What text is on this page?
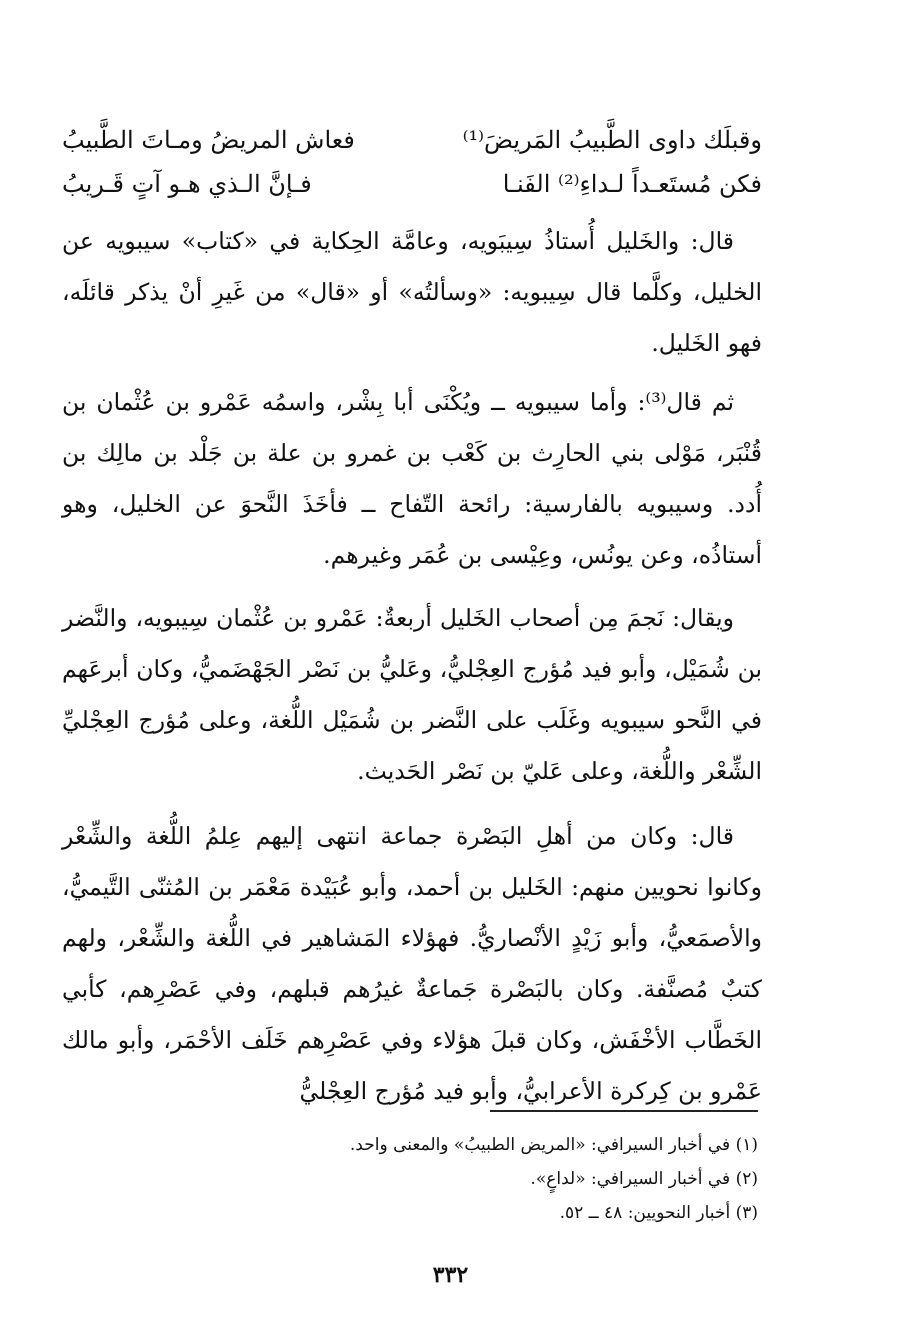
وقبلَك داوى الطَّبيبُ المَريضَ⁽¹⁾
فعاش المريضُ ومـاتَ الطَّبيبُ
فكن مُستَعـداً لـداءِ⁽²⁾ الفَنـا
فـإنَّ الـذي هـو آتٍ قَـريبُ

قال: والخَليل أُستاذُ سِيبَويه، وعامَّة الحِكاية في «كتاب» سيبويه عن الخليل، وكلَّما قال سِيبويه: «وسألتُه» أو «قال» من غَيرِ أنْ يذكر قائلَه، فهو الخَليل.

ثم قال⁽³⁾: وأما سيبويه ــ ويُكْنَى أبا بِشْر، واسمُه عَمْرو بن عُثْمان بن قُنْبَر، مَوْلى بني الحارِث بن كَعْب بن غمرو بن علة بن جَلْد بن مالِك بن أُدد. وسيبويه بالفارسية: رائحة التّفاح ــ فأخَذَ النَّحوَ عن الخليل، وهو أستاذُه، وعن يونُس، وعِيْسى بن عُمَر وغيرهم.

ويقال: نَجمَ مِن أصحاب الخَليل أربعةٌ: عَمْرو بن عُثْمان سِيبويه، والنَّضر بن شُمَيْل، وأبو فيد مُؤرج العِجْليُّ، وعَليُّ بن نَصْر الجَهْضَميُّ، وكان أبرعَهم في النَّحو سيبويه وغَلَب على النَّضر بن شُمَيْل اللُّغة، وعلى مُؤرج العِجْليِّ الشِّعْر واللُّغة، وعلى عَليّ بن نَصْر الحَديث.

قال: وكان من أهلِ البَصْرة جماعة انتهى إليهم عِلمُ اللُّغة والشِّعْر وكانوا نحويين منهم: الخَليل بن أحمد، وأبو عُبَيْدة مَعْمَر بن المُثنّى التَّيميُّ، والأصمَعيُّ، وأبو زَيْدٍ الأنْصاريُّ. فهؤلاء المَشاهير في اللُّغة والشِّعْر، ولهم كتبٌ مُصنَّفة. وكان بالبَصْرة جَماعةٌ غيرُهم قبلهم، وفي عَصْرِهم، كأبي الخَطَّاب الأخْفَش، وكان قبلَ هؤلاء وفي عَصْرِهم خَلَف الأحْمَر، وأبو مالك عَمْرو بن كِركرة الأعرابيُّ، وأبو فيد مُؤرج العِجْليُّ

(١) في أخبار السيرافي: «المريض الطبيبُ» والمعنى واحد.
(٢) في أخبار السيرافي: «لداعٍ».
(٣) أخبار النحويين: ٤٨ ــ ٥٢.
٣٣٢
